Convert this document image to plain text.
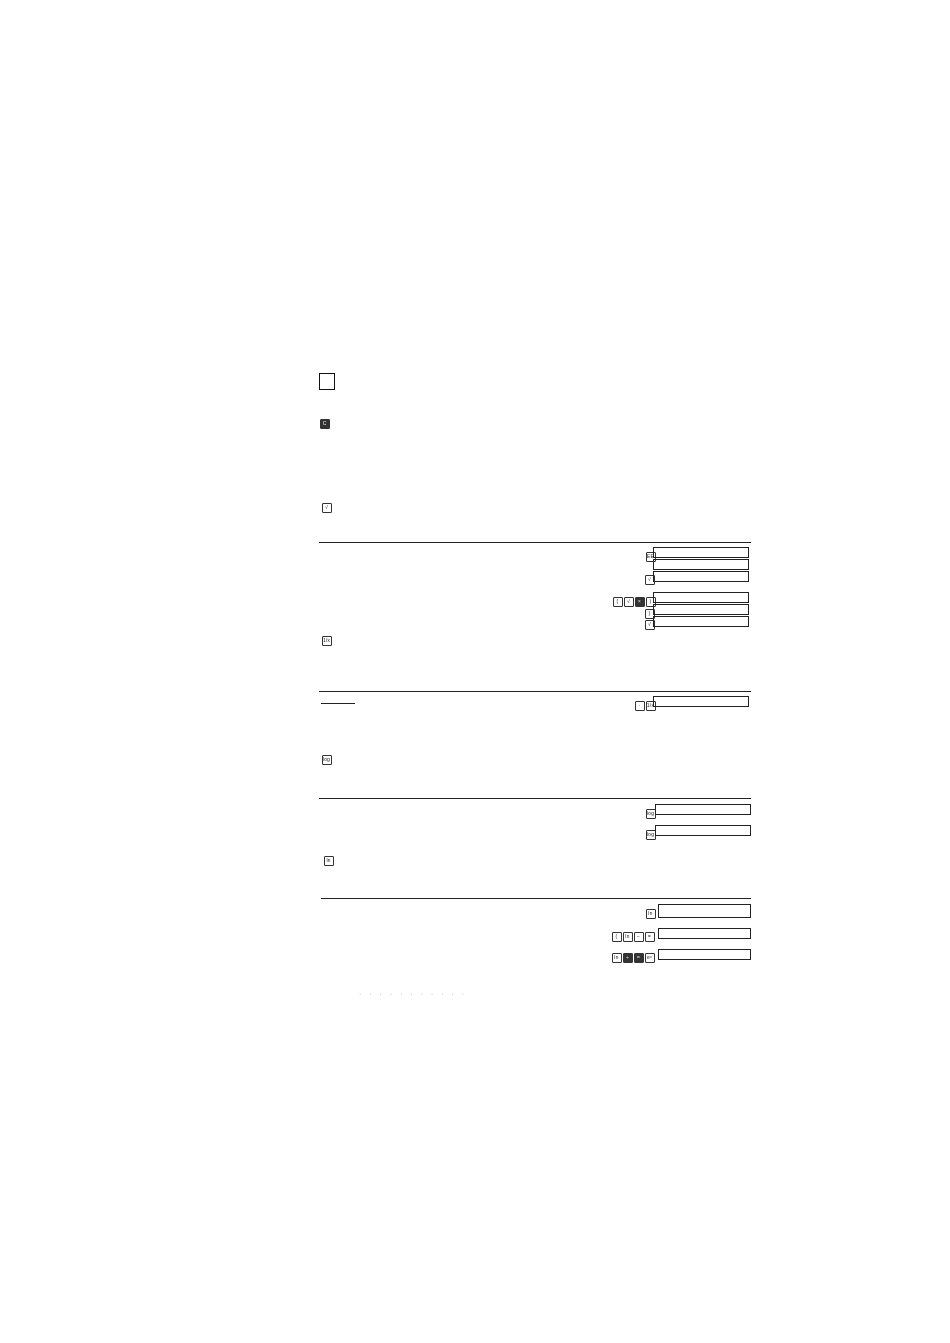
C
√
EE
√
( √ × )
)
√
1/x
· 1/x
log
log
log
ln
ln
( ln − =
ln ÷ = eˣ
· · · · · · · · · · ·
